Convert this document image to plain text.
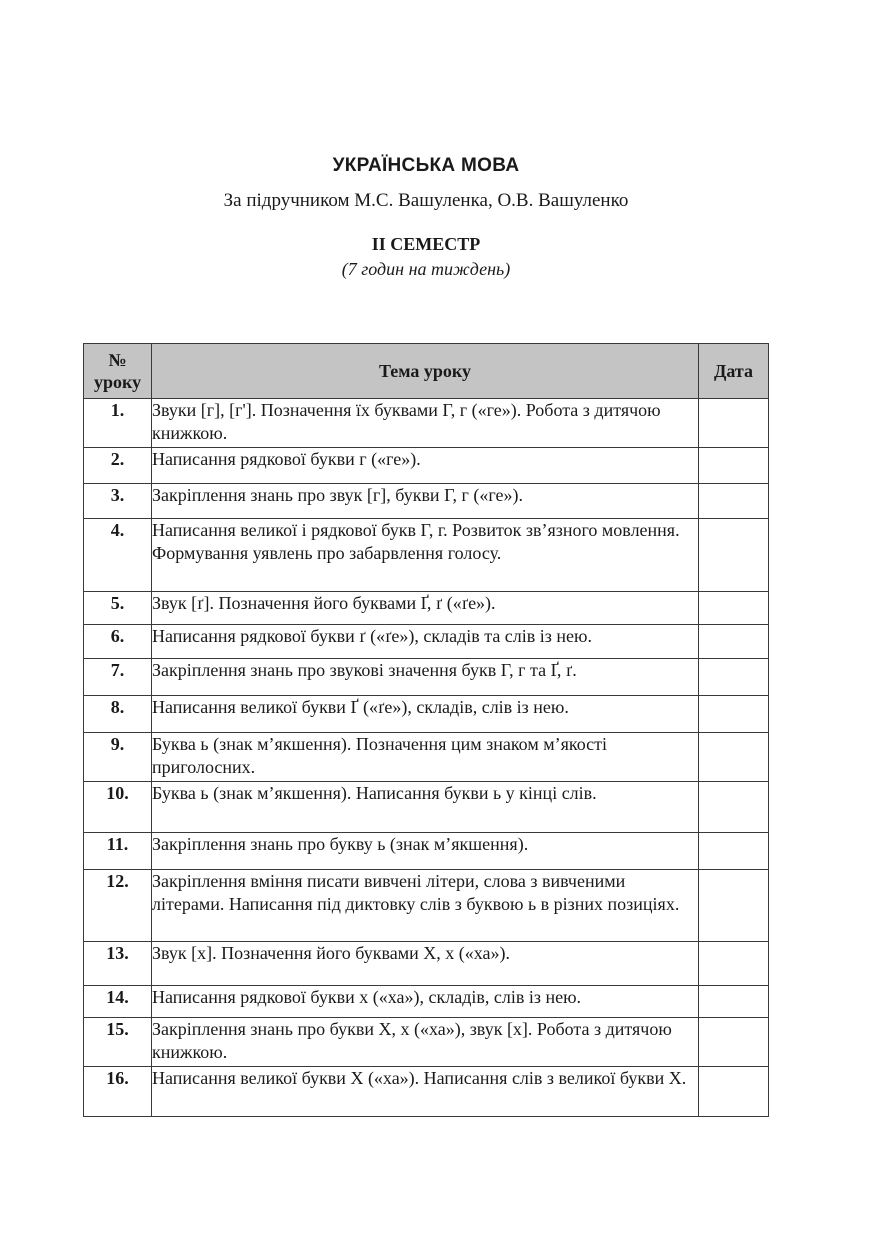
УКРАЇНСЬКА МОВА
За підручником М.С. Вашуленка, О.В. Вашуленко
II СЕМЕСТР
(7 годин на тиждень)
№ уроку	Тема уроку	Дата
1.	Звуки [г], [г']. Позначення їх буквами Г, г («ге»). Робота з дитячою книжкою.	
2.	Написання рядкової букви г («ге»).	
3.	Закріплення знань про звук [г], букви Г, г («ге»).	
4.	Написання великої і рядкової букв Г, г. Розвиток зв’язного мовлення. Формування уявлень про забарвлення голосу.	
5.	Звук [ґ]. Позначення його буквами Ґ, ґ («ґе»).	
6.	Написання рядкової букви ґ («ґе»), складів та слів із нею.	
7.	Закріплення знань про звукові значення букв Г, г та Ґ, ґ.	
8.	Написання великої букви Ґ («ґе»), складів, слів із нею.	
9.	Буква ь (знак м’якшення). Позначення цим знаком м’якості приголосних.	
10.	Буква ь (знак м’якшення). Написання букви ь у кінці слів.	
11.	Закріплення знань про букву ь (знак м’якшення).	
12.	Закріплення вміння писати вивчені літери, слова з вивченими літерами. Написання під диктовку слів з буквою ь в різних позиціях.	
13.	Звук [х]. Позначення його буквами Х, х («ха»).	
14.	Написання рядкової букви х («ха»), складів, слів із нею.	
15.	Закріплення знань про букви Х, х («ха»), звук [х]. Робота з дитячою книжкою.	
16.	Написання великої букви Х («ха»). Написання слів з великої букви Х.	
